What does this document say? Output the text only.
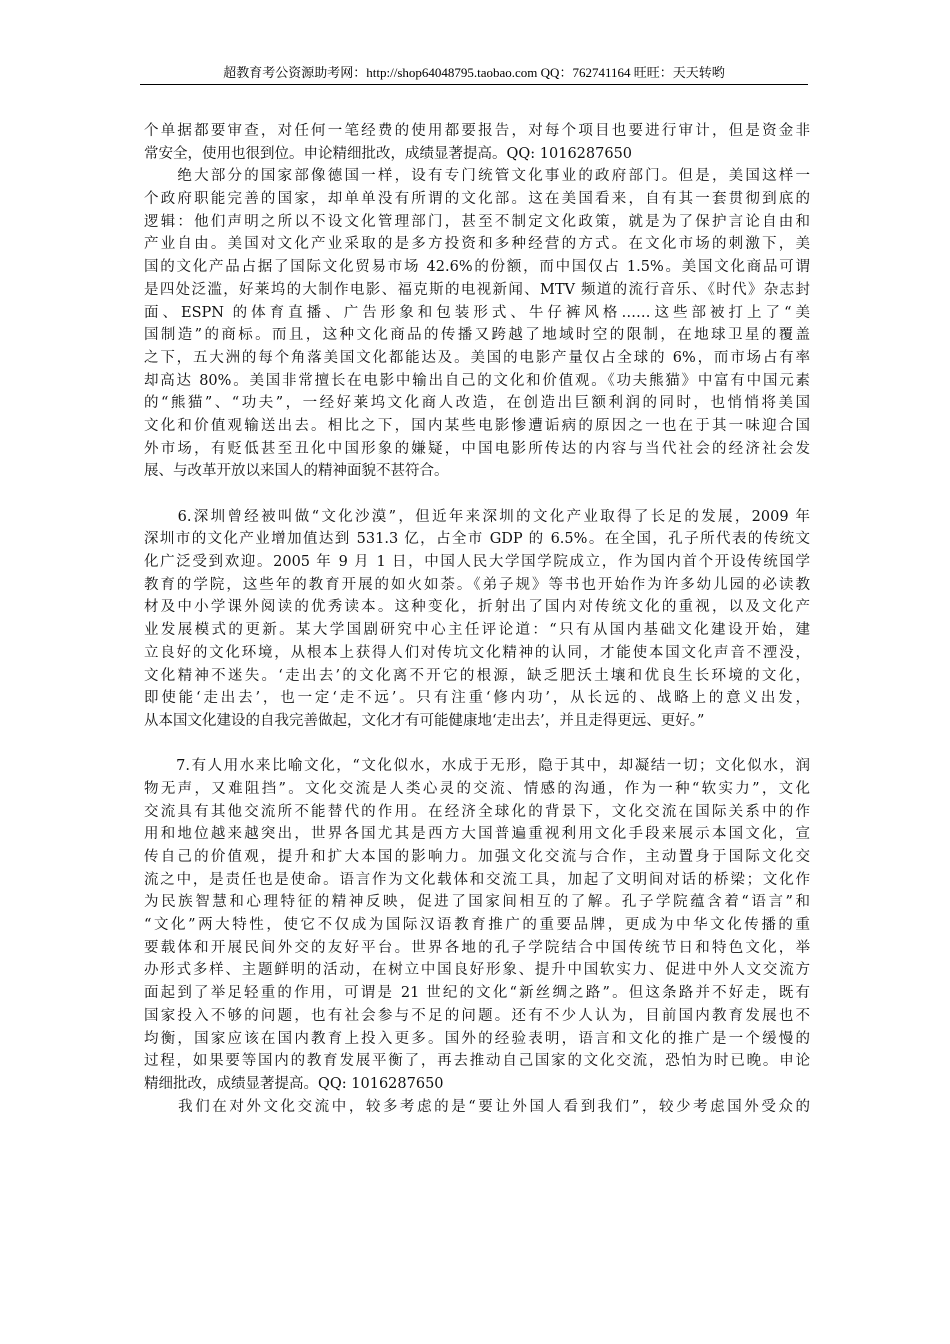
超教育考公资源助考网：http://shop64048795.taobao.com QQ：762741164 旺旺：天天转哟
个单据都要审查，对任何一笔经费的使用都要报告，对每个项目也要进行审计，但是资金非
常安全，使用也很到位。申论精细批改，成绩显著提高。QQ: 1016287650
　　绝大部分的国家部像德国一样，设有专门统管文化事业的政府部门。但是，美国这样一
个政府职能完善的国家，却单单没有所谓的文化部。这在美国看来，自有其一套贯彻到底的
逻辑：他们声明之所以不设文化管理部门，甚至不制定文化政策，就是为了保护言论自由和
产业自由。美国对文化产业采取的是多方投资和多种经营的方式。在文化市场的刺激下，美
国的文化产品占据了国际文化贸易市场 42.6%的份额，而中国仅占 1.5%。美国文化商品可谓
是四处泛滥，好莱坞的大制作电影、福克斯的电视新闻、MTV 频道的流行音乐、《时代》杂志封
面、ESPN 的体育直播、广告形象和包装形式、牛仔裤风格……这些部被打上了“美
国制造”的商标。而且，这种文化商品的传播又跨越了地域时空的限制，在地球卫星的覆盖
之下，五大洲的每个角落美国文化都能达及。美国的电影产量仅占全球的 6%，而市场占有率
却高达 80%。美国非常擅长在电影中输出自己的文化和价值观。《功夫熊猫》中富有中国元素
的“熊猫”、“功夫”，一经好莱坞文化商人改造，在创造出巨额利润的同时，也悄悄将美国
文化和价值观输送出去。相比之下，国内某些电影惨遭诟病的原因之一也在于其一味迎合国
外市场，有贬低甚至丑化中国形象的嫌疑，中国电影所传达的内容与当代社会的经济社会发
展、与改革开放以来国人的精神面貌不甚符合。
　　6.深圳曾经被叫做“文化沙漠”，但近年来深圳的文化产业取得了长足的发展，2009 年
深圳市的文化产业增加值达到 531.3 亿，占全市 GDP 的 6.5%。在全国，孔子所代表的传统文
化广泛受到欢迎。2005 年 9 月 1 日，中国人民大学国学院成立，作为国内首个开设传统国学
教育的学院，这些年的教育开展的如火如荼。《弟子规》等书也开始作为许多幼儿园的必读教
材及中小学课外阅读的优秀读本。这种变化，折射出了国内对传统文化的重视，以及文化产
业发展模式的更新。某大学国剧研究中心主任评论道：“只有从国内基础文化建设开始，建
立良好的文化环境，从根本上获得人们对传坑文化精神的认同，才能使本国文化声音不湮没，
文化精神不迷失。‘走出去’的文化离不开它的根源，缺乏肥沃土壤和优良生长环境的文化，
即使能‘走出去’，也一定‘走不远’。只有注重‘修内功’，从长远的、战略上的意义出发，
从本国文化建设的自我完善做起，文化才有可能健康地‘走出去’，并且走得更远、更好。”
　　7.有人用水来比喻文化，“文化似水，水成于无形，隐于其中，却凝结一切；文化似水，润
物无声，又难阻挡”。文化交流是人类心灵的交流、情感的沟通，作为一种“软实力”，文化
交流具有其他交流所不能替代的作用。在经济全球化的背景下，文化交流在国际关系中的作
用和地位越来越突出，世界各国尤其是西方大国普遍重视利用文化手段来展示本国文化，宣
传自己的价值观，提升和扩大本国的影响力。加强文化交流与合作，主动置身于国际文化交
流之中，是责任也是使命。语言作为文化载体和交流工具，加起了文明间对话的桥梁；文化作
为民族智慧和心理特征的精神反映，促进了国家间相互的了解。孔子学院蕴含着“语言”和
“文化”两大特性，使它不仅成为国际汉语教育推广的重要品牌，更成为中华文化传播的重
要载体和开展民间外交的友好平台。世界各地的孔子学院结合中国传统节日和特色文化，举
办形式多样、主题鲜明的活动，在树立中国良好形象、提升中国软实力、促进中外人文交流方
面起到了举足轻重的作用，可谓是 21 世纪的文化“新丝绸之路”。但这条路并不好走，既有
国家投入不够的问题，也有社会参与不足的问题。还有不少人认为，目前国内教育发展也不
均衡，国家应该在国内教育上投入更多。国外的经验表明，语言和文化的推广是一个缓慢的
过程，如果要等国内的教育发展平衡了，再去推动自己国家的文化交流，恐怕为时已晚。申论
精细批改，成绩显著提高。QQ: 1016287650
　　我们在对外文化交流中，较多考虑的是“要让外国人看到我们”，较少考虑国外受众的
